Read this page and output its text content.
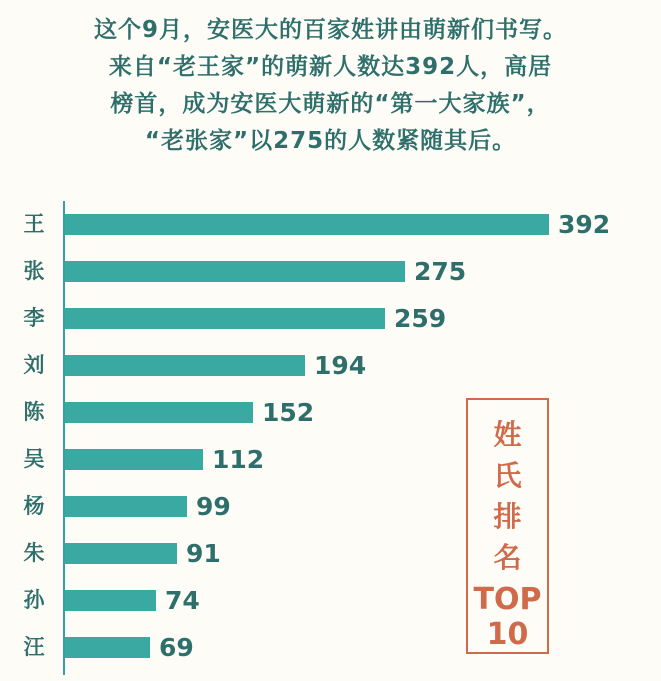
这个9月，安医大的百家姓讲由萌新们书写。
来自“老王家”的萌新人数达392人，高居
榜首，成为安医大萌新的“第一大家族”，
“老张家”以275的人数紧随其后。
王	392
张	275
李	259
刘	194
陈	152
吴	112
杨	99
朱	91
孙	74
汪	69
姓
氏
排
名
TOP
10
